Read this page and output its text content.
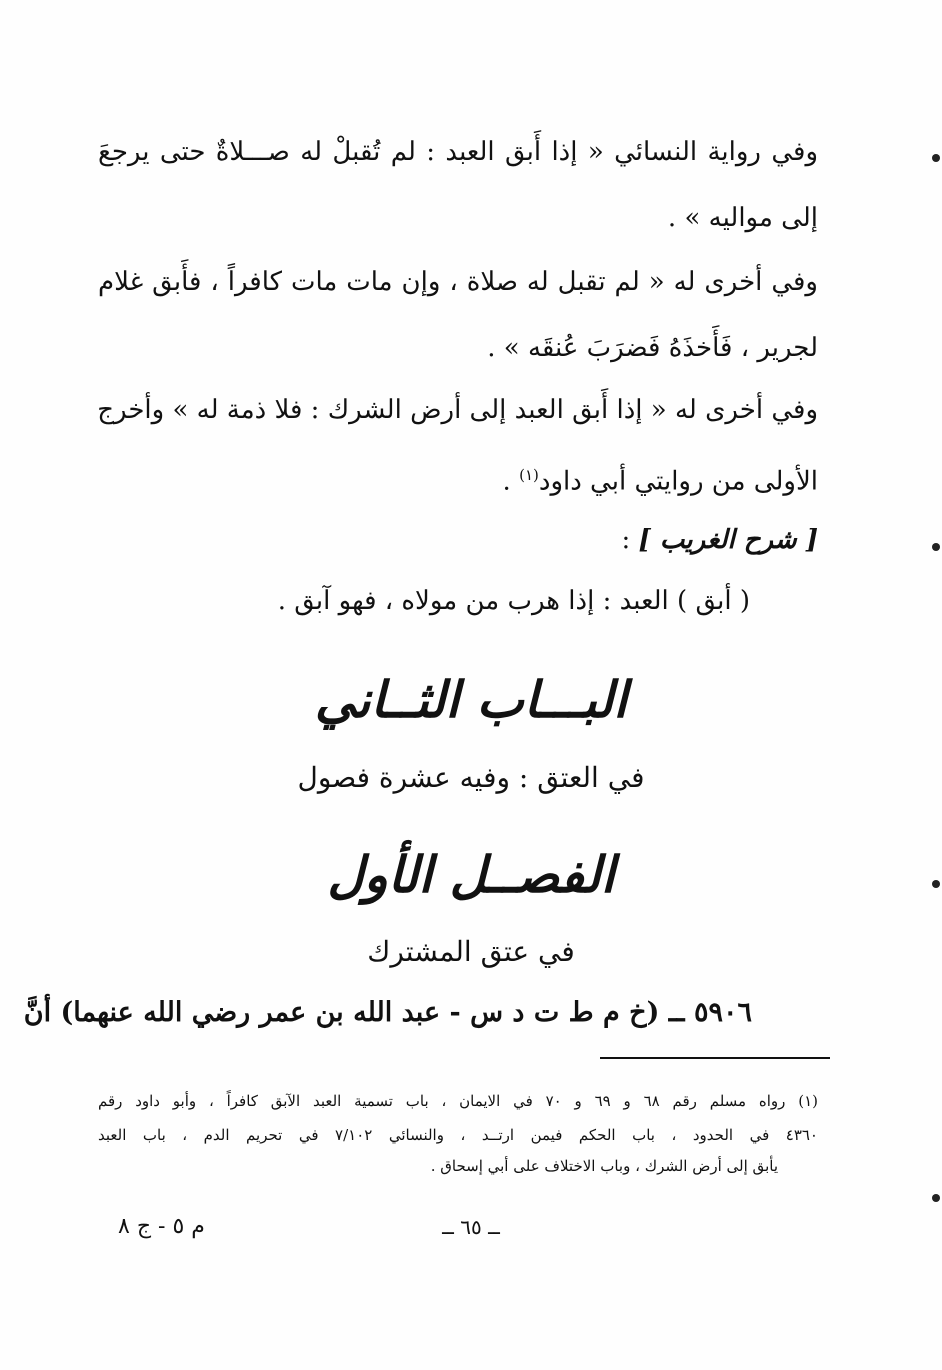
وفي رواية النسائي « إذا أَبق العبد : لم تُقبلْ له صـــلاةٌ حتى يرجعَ
إلى مواليه » .
وفي أخرى له « لم تقبل له صلاة ، وإن مات مات كافراً ، فأَبق غلام
لجرير ، فَأَخذَهُ فَضرَبَ عُنقَه » .
وفي أخرى له « إذا أَبق العبد إلى أرض الشرك : فلا ذمة له » وأخرج
الأولى من روايتي أبي داود$^{(١)}$ .
[ شرح الغريب ] :
( أبق ) العبد : إذا هرب من مولاه ، فهو آبق .
البـــاب الثــاني
في العتق : وفيه عشرة فصول
الفصــل الأول
في عتق المشترك
٥٩٠٦ ــ (خ م ط ت د س - عبد الله بن عمر رضي الله عنهما) أنَّ
(١) رواه مسلم رقم ٦٨ و ٦٩ و ٧٠ في الايمان ، باب تسمية العبد الآبق كافراً ، وأبو داود رقم
٤٣٦٠ في الحدود ، باب الحكم فيمن ارتــد ، والنسائي ٧/١٠٢ في تحريم الدم ، باب العبد
يأبق إلى أرض الشرك ، وباب الاختلاف على أبي إسحاق .
ــ ٦٥ ــ
م ٥ - ج ٨
